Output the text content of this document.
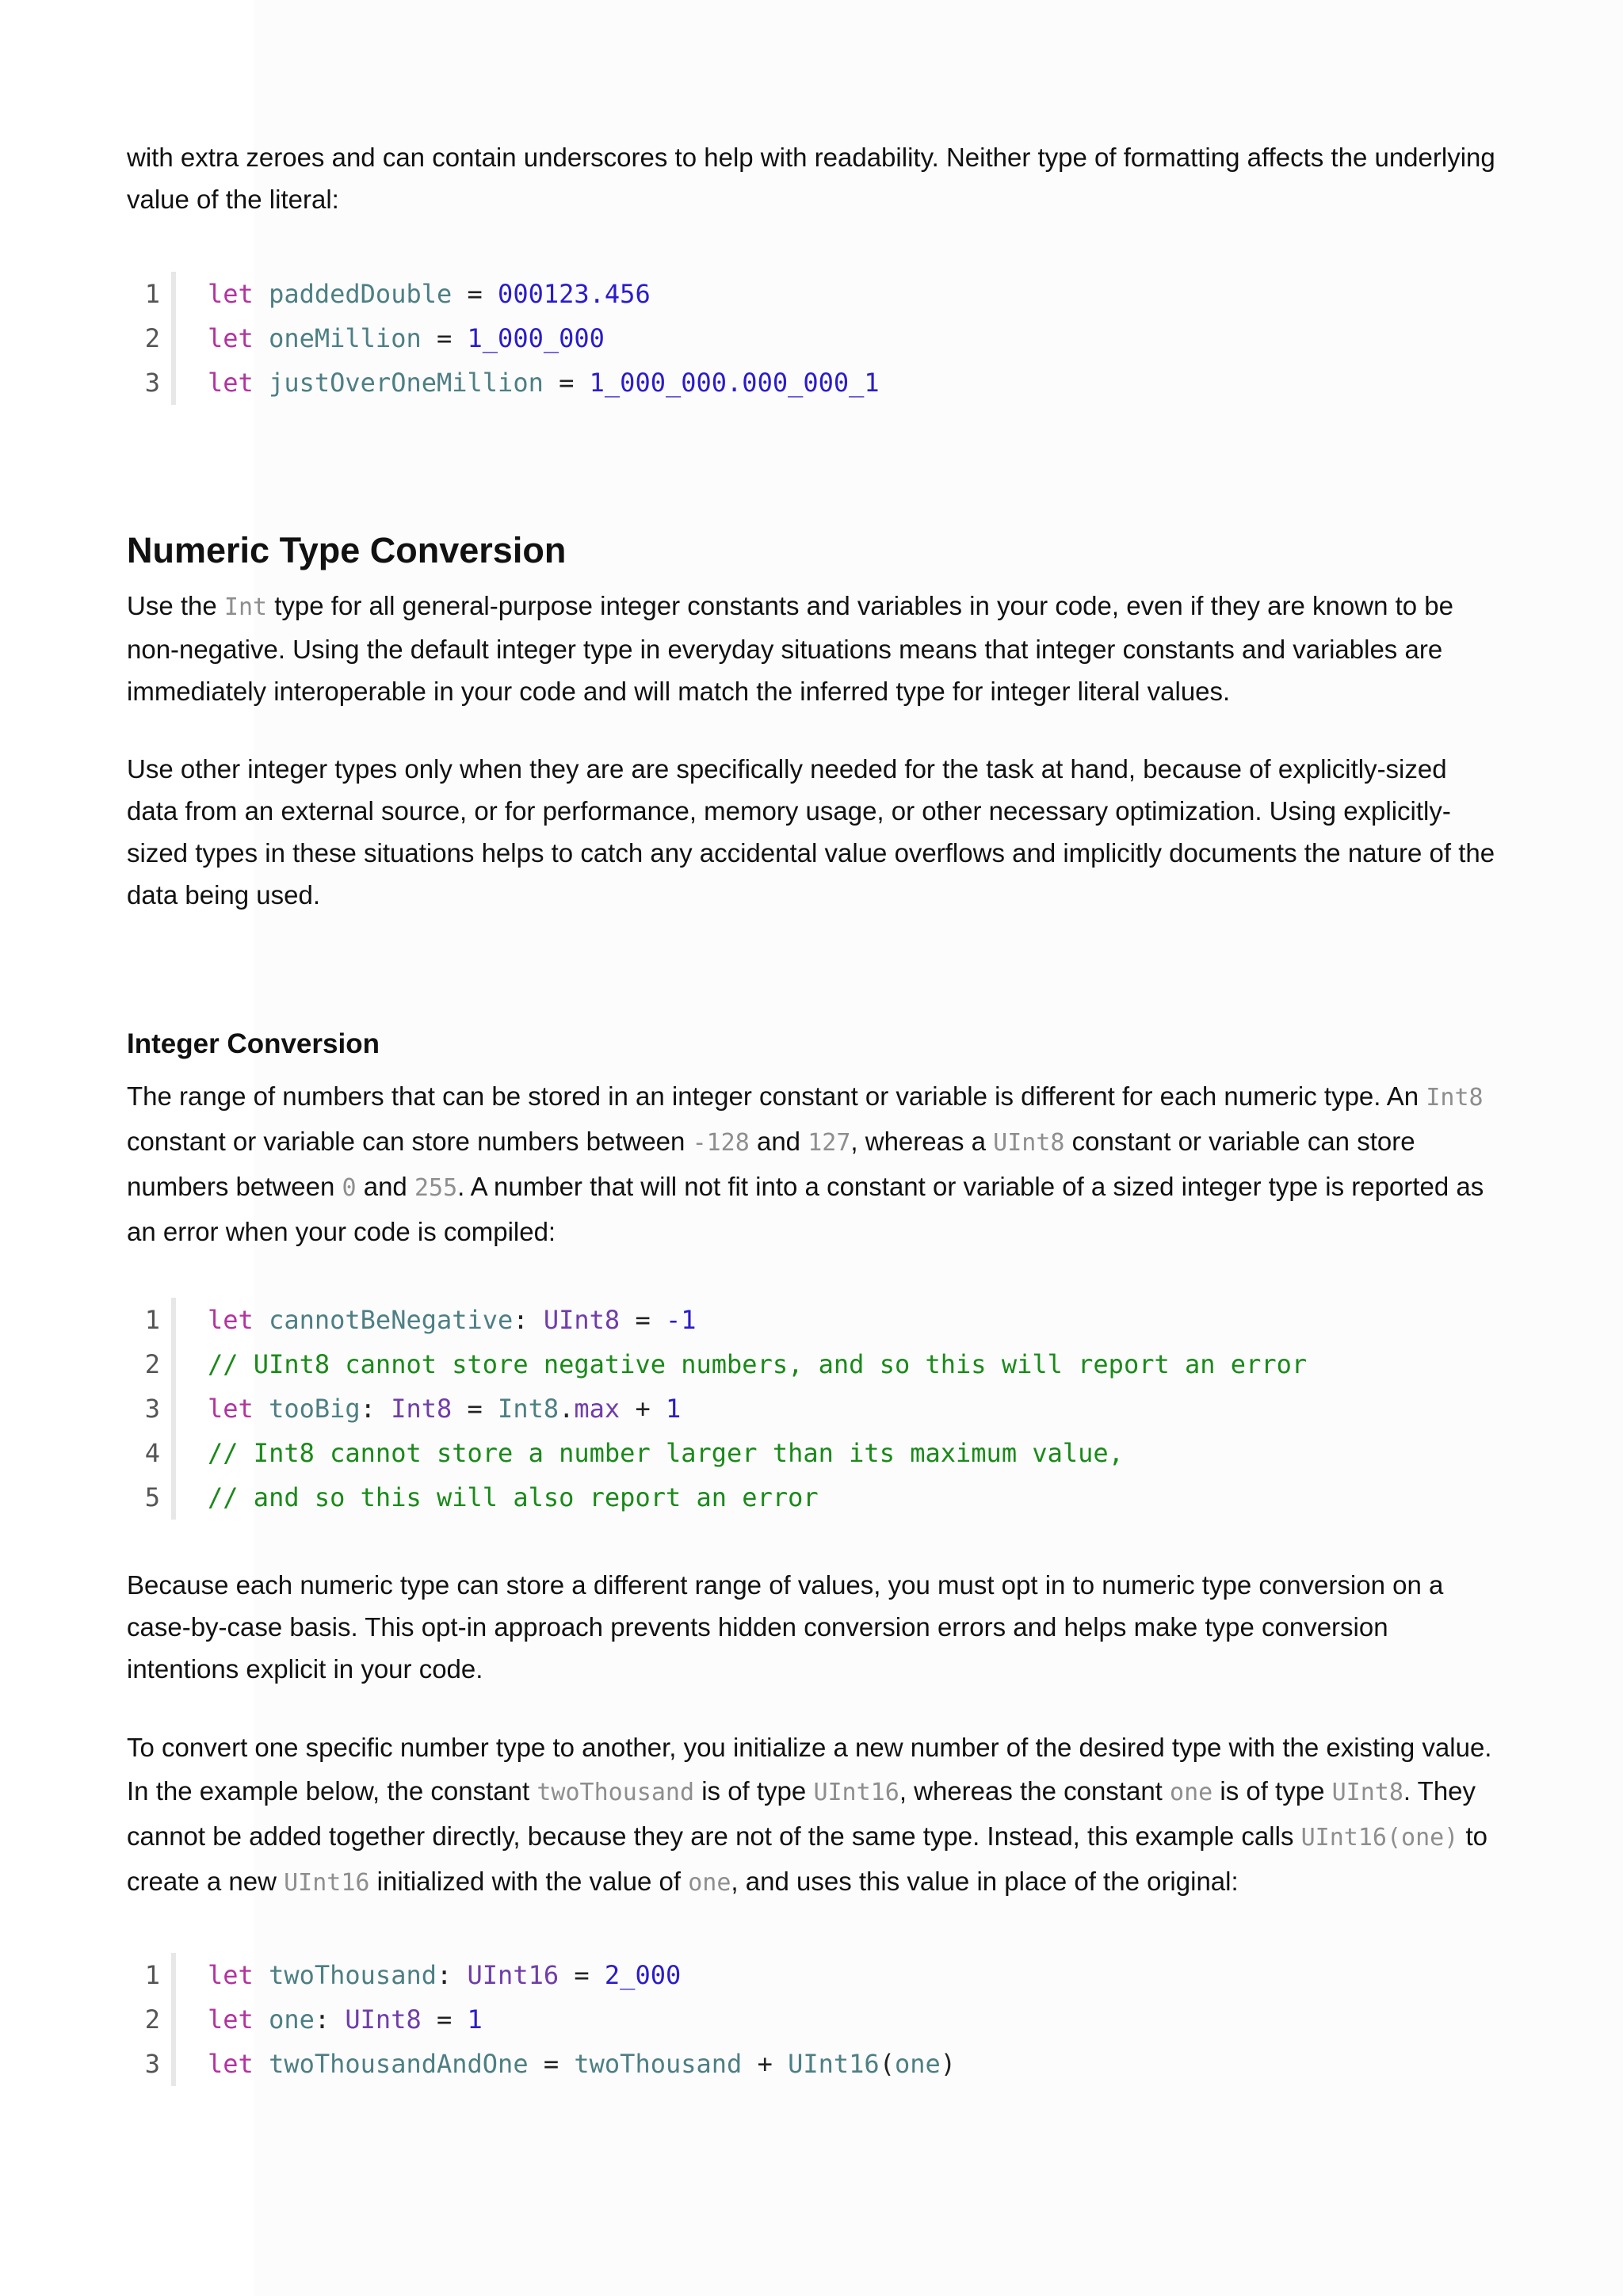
with extra zeroes and can contain underscores to help with readability. Neither type of formatting affects the underlying value of the literal:

1	let
paddedDouble
=
000123.456
2	let
oneMillion
=
1_000_000
3	let
justOverOneMillion
=
1_000_000.000_000_1
Numeric Type Conversion

Use the Int type for all general-purpose integer constants and variables in your code, even if they are known to be non-negative. Using the default integer type in everyday situations means that integer constants and variables are immediately interoperable in your code and will match the inferred type for integer literal values.

Use other integer types only when they are are specifically needed for the task at hand, because of explicitly-sized data from an external source, or for performance, memory usage, or other necessary optimization. Using explicitly-sized types in these situations helps to catch any accidental value overflows and implicitly documents the nature of the data being used.

Integer Conversion

The range of numbers that can be stored in an integer constant or variable is different for each numeric type. An Int8 constant or variable can store numbers between -128 and 127, whereas a UInt8 constant or variable can store numbers between 0 and 255. A number that will not fit into a constant or variable of a sized integer type is reported as an error when your code is compiled:

1	let
cannotBeNegative :
UInt8
=
-1
2	// UInt8 cannot store negative numbers, and so this will report an error
3	let
tooBig :
Int8
=
Int8 . max
+
1
4	// Int8 cannot store a number larger than its maximum value,
5	// and so this will also report an error

Because each numeric type can store a different range of values, you must opt in to numeric type conversion on a case-by-case basis. This opt-in approach prevents hidden conversion errors and helps make type conversion intentions explicit in your code.

To convert one specific number type to another, you initialize a new number of the desired type with the existing value. In the example below, the constant twoThousand is of type UInt16, whereas the constant one is of type UInt8. They cannot be added together directly, because they are not of the same type. Instead, this example calls UInt16(one) to create a new UInt16 initialized with the value of one, and uses this value in place of the original:

1	let
twoThousand :
UInt16
=
2_000
2	let
one :
UInt8
=
1
3	let
twoThousandAndOne
=
twoThousand
+
UInt16 ( one )
